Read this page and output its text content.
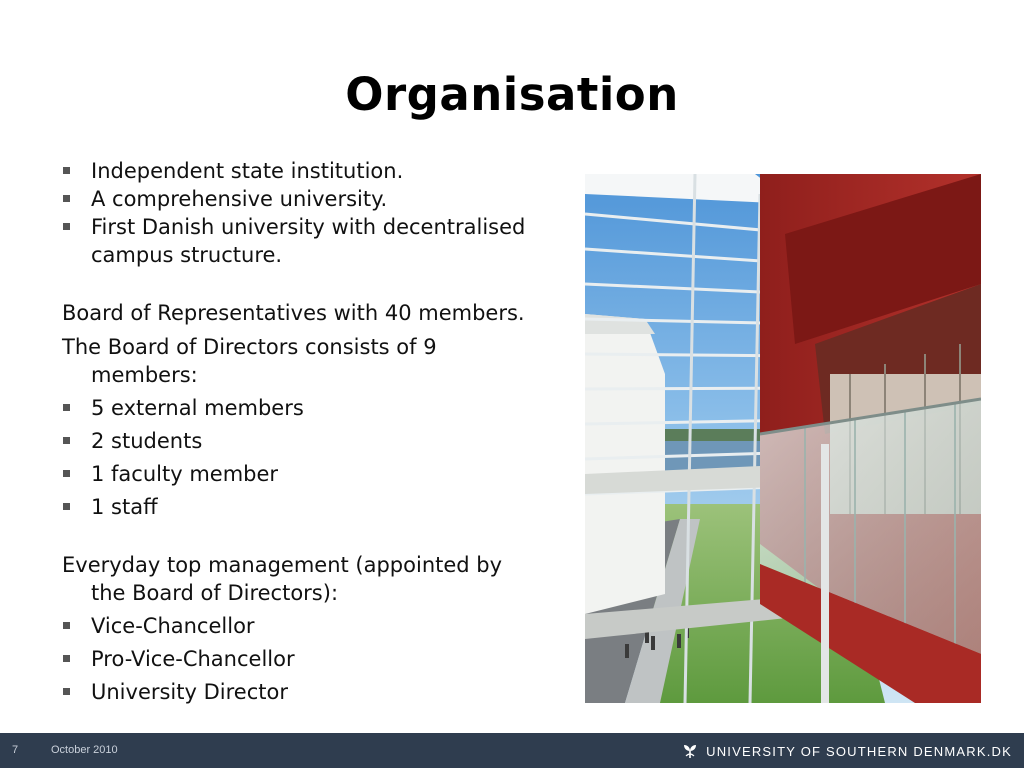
Organisation
Independent state institution.
A comprehensive university.
First Danish university with decentralised campus structure.
Board of Representatives with 40 members.
The Board of Directors consists of 9 members:
5 external members
2 students
1 faculty member
1 staff
Everyday top management (appointed by the Board of Directors):
Vice-Chancellor
Pro-Vice-Chancellor
University Director
7	October 2010	UNIVERSITY OF SOUTHERN DENMARK.DK
